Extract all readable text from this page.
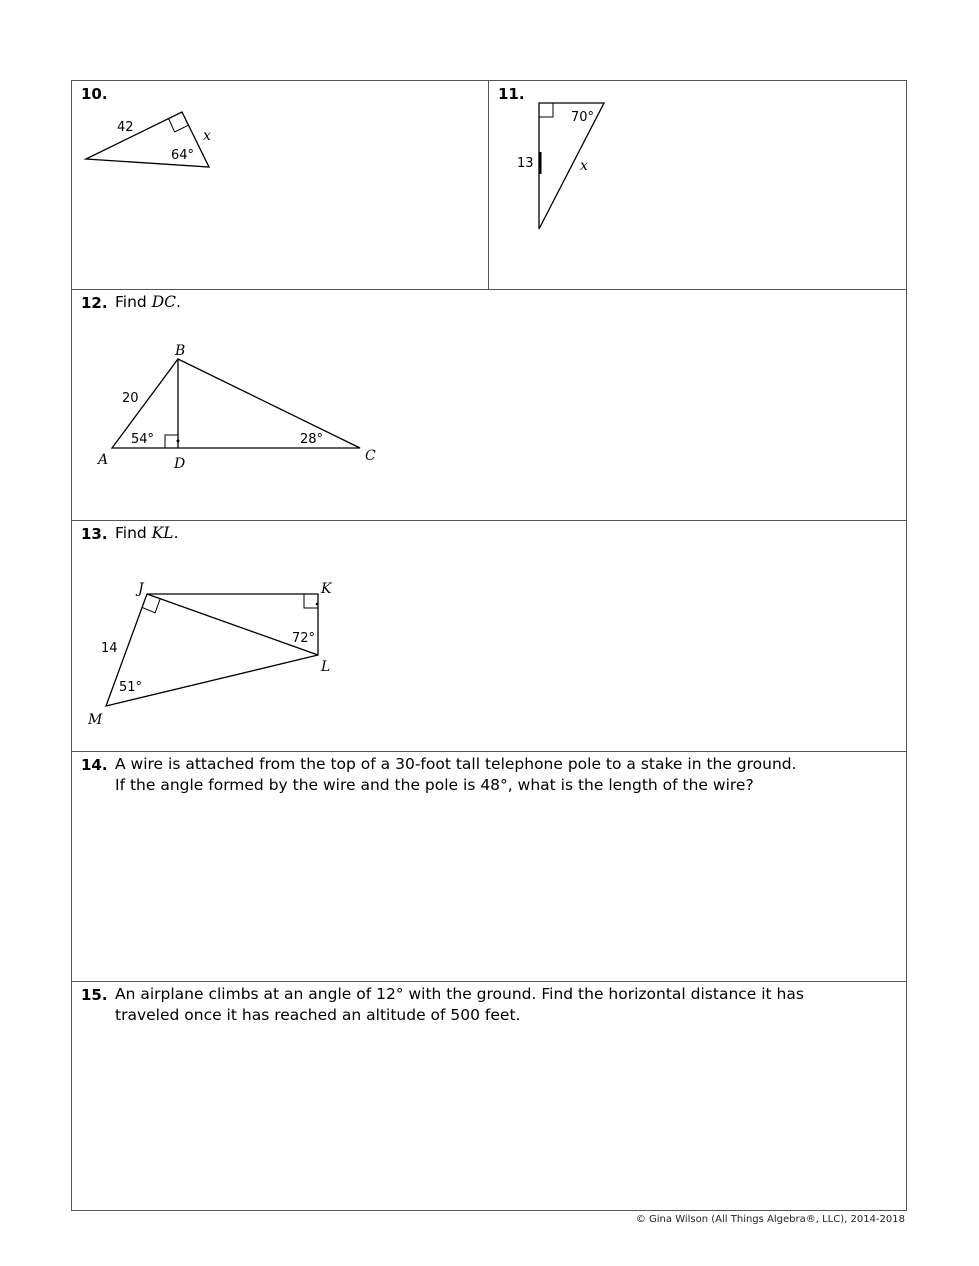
10.
42
x
64°
11.
70°
13	x
12. Find DC.
20
54°	28°
A
B
C
D
13. Find KL.
14
51°
72°
J	K
L
M
14. A wire is attached from the top of a 30-foot tall telephone pole to a stake in the ground.
If the angle formed by the wire and the pole is 48°, what is the length of the wire?
15. An airplane climbs at an angle of 12° with the ground. Find the horizontal distance it has
traveled once it has reached an altitude of 500 feet.
© Gina Wilson (All Things Algebra®, LLC), 2014-2018
